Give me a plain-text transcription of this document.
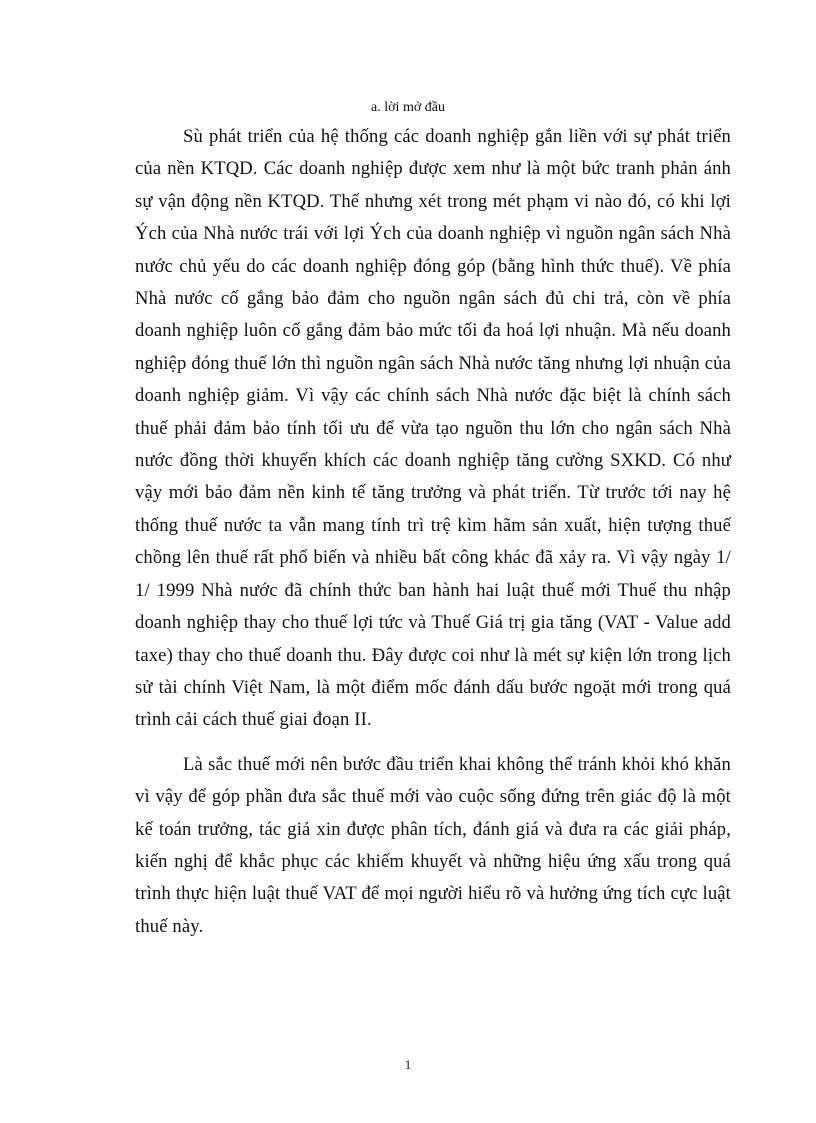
a. lời mở đầu

Sù phát triển của hệ thống các doanh nghiệp gắn liền với sự phát triển của nền KTQD. Các doanh nghiệp được xem như là một bức tranh phản ánh sự vận động nền KTQD. Thế nhưng xét trong mét phạm vi nào đó, có khi lợi Ých của Nhà nước trái với lợi Ých của doanh nghiệp vì nguồn ngân sách Nhà nước chủ yếu do các doanh nghiệp đóng góp (bằng hình thức thuế). Về phía Nhà nước cố gắng bảo đảm cho nguồn ngân sách đủ chi trả, còn về phía doanh nghiệp luôn cố gắng đảm bảo mức tối đa hoá lợi nhuận. Mà nếu doanh nghiệp đóng thuế lớn thì nguồn ngân sách Nhà nước tăng nhưng lợi nhuận của doanh nghiệp giảm. Vì vậy các chính sách Nhà nước đặc biệt là chính sách thuế phải đảm bảo tính tối ưu để vừa tạo nguồn thu lớn cho ngân sách Nhà nước đồng thời khuyến khích các doanh nghiệp tăng cường SXKD. Có như vậy mới bảo đảm nền kinh tế tăng trưởng và phát triển. Từ trước tới nay hệ thống thuế nước ta vẫn mang tính trì trệ kìm hãm sản xuất, hiện tượng thuế chồng lên thuế rất phổ biến và nhiều bất công khác đã xảy ra. Vì vậy ngày 1/ 1/ 1999 Nhà nước đã chính thức ban hành hai luật thuế mới Thuế thu nhập doanh nghiệp thay cho thuế lợi tức và Thuế Giá trị gia tăng (VAT - Value add taxe) thay cho thuế doanh thu. Đây được coi như là mét sự kiện lớn trong lịch sử tài chính Việt Nam, là một điểm mốc đánh dấu bước ngoặt mới trong quá trình cải cách thuế giai đoạn II.

Là sắc thuế mới nên bước đầu triển khai không thể tránh khỏi khó khăn vì vậy để góp phần đưa sắc thuế mới vào cuộc sống đứng trên giác độ là một kế toán trưởng, tác giả xin được phân tích, đánh giá và đưa ra các giải pháp, kiến nghị để khắc phục các khiếm khuyết và những hiệu ứng xấu trong quá trình thực hiện luật thuế VAT để mọi người hiểu rõ và hưởng ứng tích cực luật thuế này.

1
